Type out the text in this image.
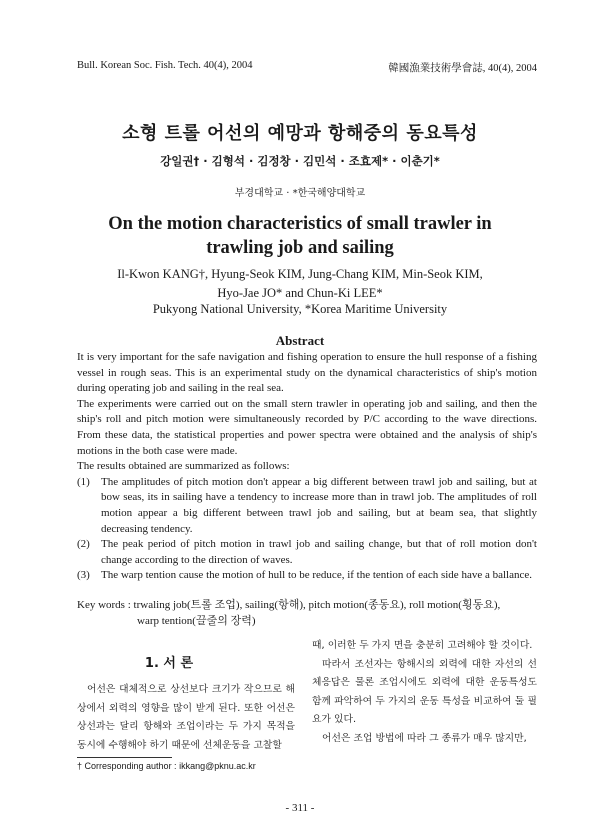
Bull. Korean Soc. Fish. Tech. 40(4), 2004	韓國漁業技術學會誌, 40(4), 2004
소형 트롤 어선의 예망과 항해중의 동요특성
강일권† · 김형석 · 김정창 · 김민석 · 조효제* · 이춘기*
부경대학교 · *한국해양대학교
On the motion characteristics of small trawler in
trawling job and sailing
Il-Kwon KANG†, Hyung-Seok KIM, Jung-Chang KIM, Min-Seok KIM,
Hyo-Jae JO* and Chun-Ki LEE*
Pukyong National University, *Korea Maritime University
Abstract

It is very important for the safe navigation and fishing operation to ensure the hull response of a fishing vessel in rough seas. This is an experimental study on the dynamical characteristics of ship's motion during operating job and sailing in the real sea.

The experiments were carried out on the small stern trawler in operating job and sailing, and then the ship's roll and pitch motion were simultaneously recorded by P/C according to the wave directions. From these data, the statistical properties and power spectra were obtained and the analysis of ship's motions in the both case were made.

The results obtained are summarized as follows:

(1)	The amplitudes of pitch motion don't appear a big different between trawl job and sailing, but at bow seas, its in sailing have a tendency to increase more than in trawl job. The amplitudes of roll motion appear a big different between trawl job and sailing, but at beam sea, that slightly decreasing tendency.
(2)	The peak period of pitch motion in trawl job and sailing change, but that of roll motion don't change according to the direction of waves.
(3)	The warp tention cause the motion of hull to be reduce, if the tention of each side have a ballance.
Key words : trwaling job(트롤 조업), sailing(항해), pitch motion(종동요), roll motion(횡동요),
warp tention(끌줄의 장력)
1. 서 론

어선은 대체적으로 상선보다 크기가 작으므로 해상에서 외력의 영향을 많이 받게 된다. 또한 어선은 상선과는 달리 항해와 조업이라는 두 가지 목적을 동시에 수행해야 하기 때문에 선체운동을 고찰할

때, 이러한 두 가지 면을 충분히 고려해야 할 것이다.

따라서 조선자는 항해시의 외력에 대한 자선의 선체응답은 물론 조업시에도 외력에 대한 운동특성도 함께 파악하여 두 가지의 운동 특성을 비교하여 둘 필요가 있다.

어선은 조업 방법에 따라 그 종류가 매우 많지만,

† Corresponding author : ikkang@pknu.ac.kr
- 311 -
